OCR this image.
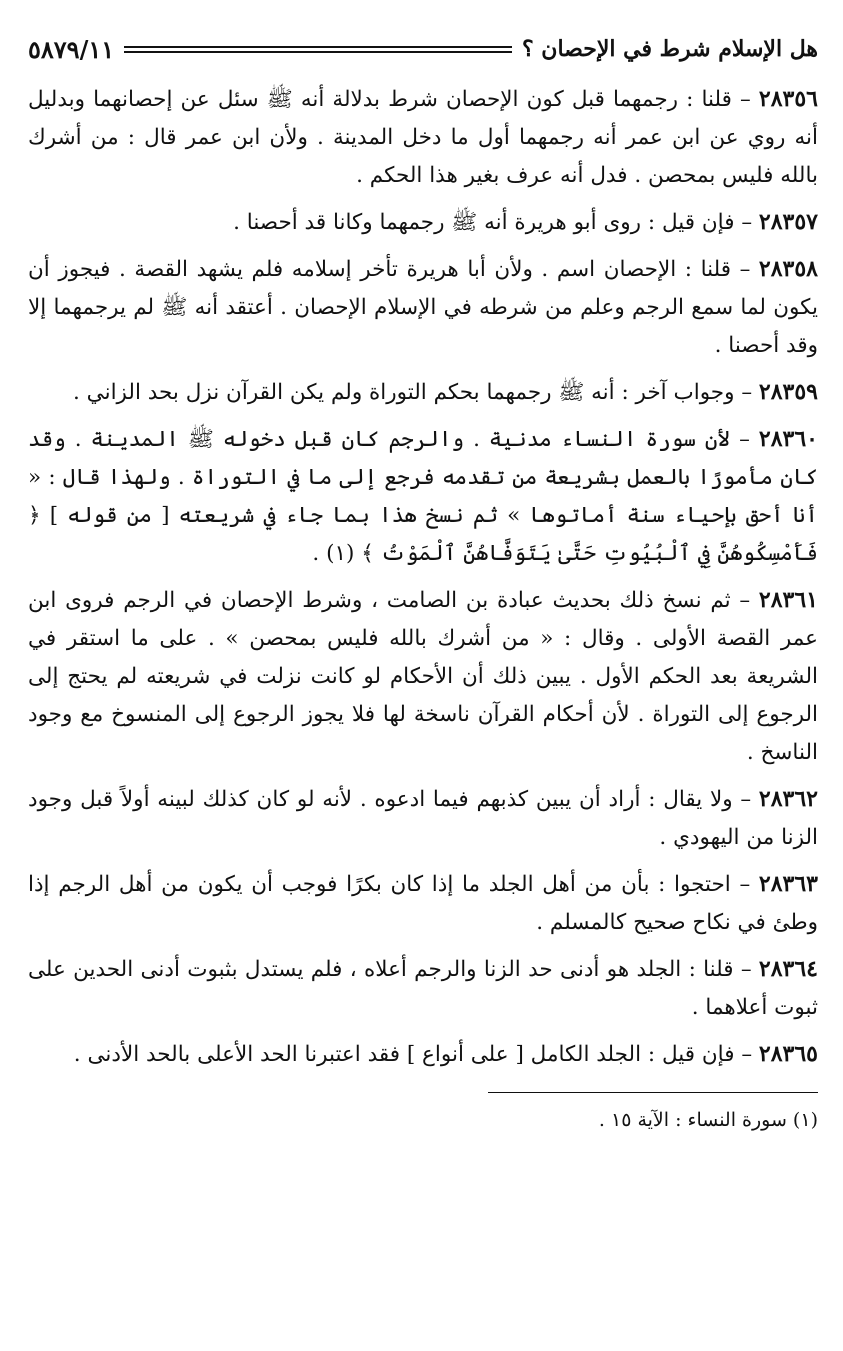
هل الإسلام شرط في الإحصان ؟
٥٨٧٩/١١

٢٨٣٥٦ – قلنا : رجمهما قبل كون الإحصان شرط بدلالة أنه ﷺ سئل عن إحصانهما وبدليل أنه روي عن ابن عمر أنه رجمهما أول ما دخل المدينة . ولأن ابن عمر قال : من أشرك بالله فليس بمحصن . فدل أنه عرف بغير هذا الحكم .

٢٨٣٥٧ – فإن قيل : روى أبو هريرة أنه ﷺ رجمهما وكانا قد أحصنا .

٢٨٣٥٨ – قلنا : الإحصان اسم . ولأن أبا هريرة تأخر إسلامه فلم يشهد القصة . فيجوز أن يكون لما سمع الرجم وعلم من شرطه في الإسلام الإحصان . أعتقد أنه ﷺ لم يرجمهما إلا وقد أحصنا .

٢٨٣٥٩ – وجواب آخر : أنه ﷺ رجمهما بحكم التوراة ولم يكن القرآن نزل بحد الزاني .

٢٨٣٦٠ – لأن سورة النساء مدنية . والرجم كان قبل دخوله ﷺ المدينة . وقد كان مأمورًا بالعمل بشريعة من تقدمه فرجع إلى ما في التوراة . ولهذا قال : « أنا أحق بإحياء سنة أماتوها » ثم نسخ هذا بما جاء في شريعته [ من قوله ] ﴿ فَأَمْسِكُوهُنَّ فِي ٱلْبُيُوتِ حَتَّىٰ يَتَوَفَّاهُنَّ ٱلْمَوْتُ ﴾ (١) .

٢٨٣٦١ – ثم نسخ ذلك بحديث عبادة بن الصامت ، وشرط الإحصان في الرجم فروى ابن عمر القصة الأولى . وقال : « من أشرك بالله فليس بمحصن » . على ما استقر في الشريعة بعد الحكم الأول . يبين ذلك أن الأحكام لو كانت نزلت في شريعته لم يحتج إلى الرجوع إلى التوراة . لأن أحكام القرآن ناسخة لها فلا يجوز الرجوع إلى المنسوخ مع وجود الناسخ .

٢٨٣٦٢ – ولا يقال : أراد أن يبين كذبهم فيما ادعوه . لأنه لو كان كذلك لبينه أولاً قبل وجود الزنا من اليهودي .

٢٨٣٦٣ – احتجوا : بأن من أهل الجلد ما إذا كان بكرًا فوجب أن يكون من أهل الرجم إذا وطئ في نكاح صحيح كالمسلم .

٢٨٣٦٤ – قلنا : الجلد هو أدنى حد الزنا والرجم أعلاه ، فلم يستدل بثبوت أدنى الحدين على ثبوت أعلاهما .

٢٨٣٦٥ – فإن قيل : الجلد الكامل [ على أنواع ] فقد اعتبرنا الحد الأعلى بالحد الأدنى .

(١) سورة النساء : الآية ١٥ .
